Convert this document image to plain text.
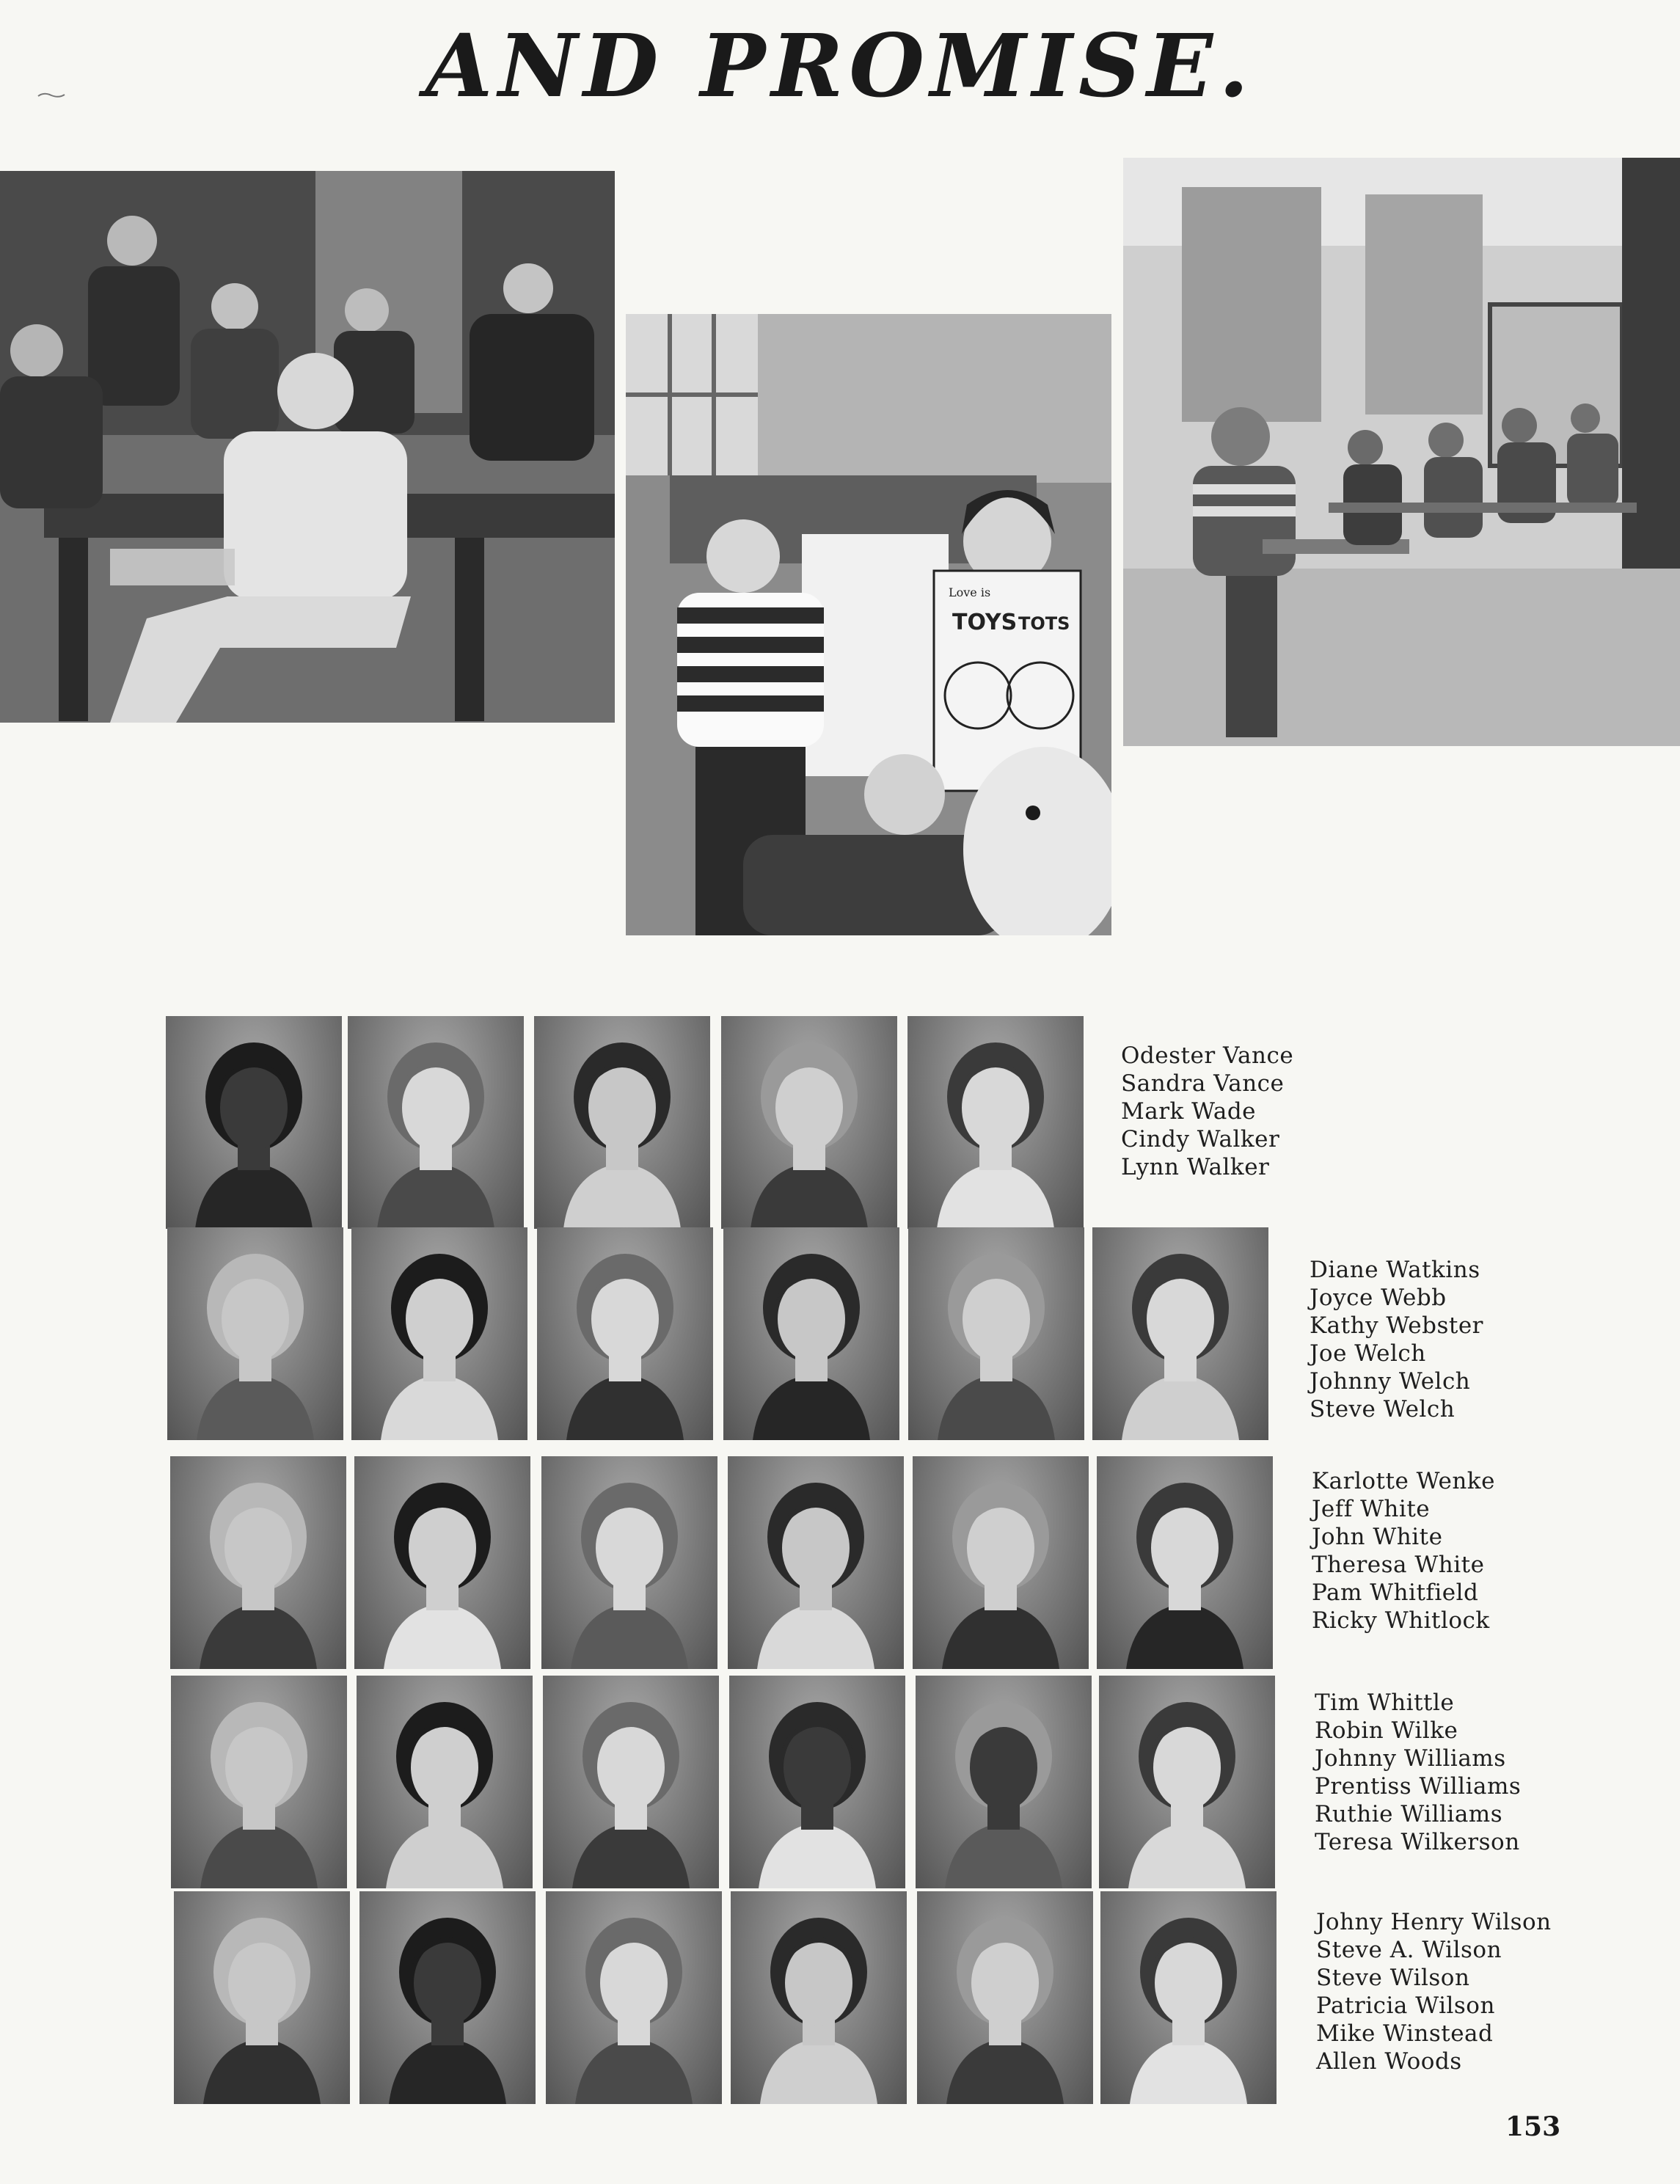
AND PROMISE.
Love is
TOYS TOTS
Odester Vance
Sandra Vance
Mark Wade
Cindy Walker
Lynn Walker
Diane Watkins
Joyce Webb
Kathy Webster
Joe Welch
Johnny Welch
Steve Welch
Karlotte Wenke
Jeff White
John White
Theresa White
Pam Whitfield
Ricky Whitlock
Tim Whittle
Robin Wilke
Johnny Williams
Prentiss Williams
Ruthie Williams
Teresa Wilkerson
Johny Henry Wilson
Steve A. Wilson
Steve Wilson
Patricia Wilson
Mike Winstead
Allen Woods
153
